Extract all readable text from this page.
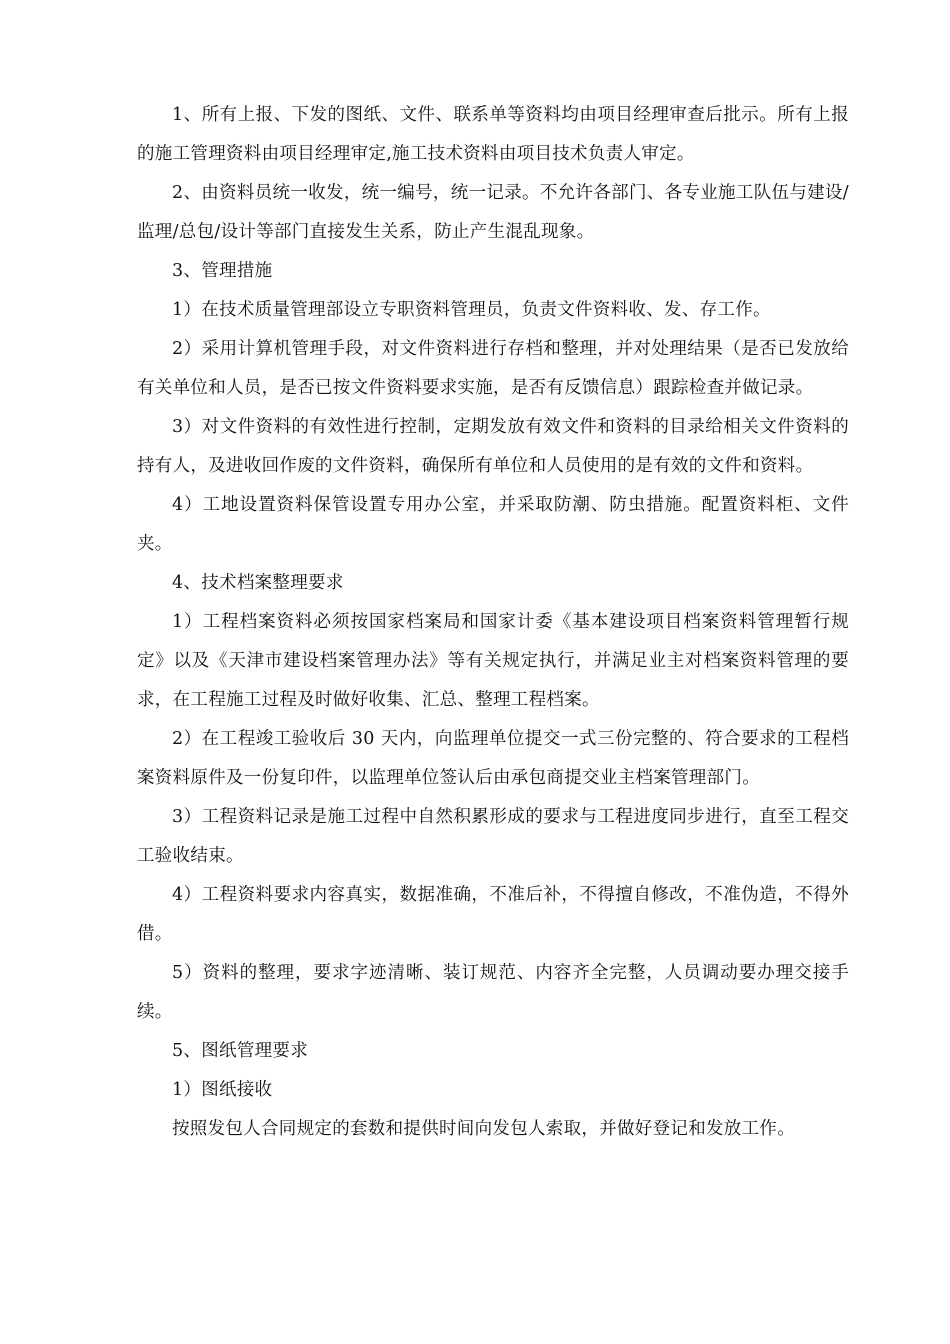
1、所有上报、下发的图纸、文件、联系单等资料均由项目经理审查后批示。所有上报的施工管理资料由项目经理审定,施工技术资料由项目技术负责人审定。

2、由资料员统一收发，统一编号，统一记录。不允许各部门、各专业施工队伍与建设/监理/总包/设计等部门直接发生关系，防止产生混乱现象。

3、管理措施

1）在技术质量管理部设立专职资料管理员，负责文件资料收、发、存工作。

2）采用计算机管理手段，对文件资料进行存档和整理，并对处理结果（是否已发放给有关单位和人员，是否已按文件资料要求实施，是否有反馈信息）跟踪检查并做记录。

3）对文件资料的有效性进行控制，定期发放有效文件和资料的目录给相关文件资料的持有人，及进收回作废的文件资料，确保所有单位和人员使用的是有效的文件和资料。

4）工地设置资料保管设置专用办公室，并采取防潮、防虫措施。配置资料柜、文件夹。

4、技术档案整理要求

1）工程档案资料必须按国家档案局和国家计委《基本建设项目档案资料管理暂行规定》以及《天津市建设档案管理办法》等有关规定执行，并满足业主对档案资料管理的要求，在工程施工过程及时做好收集、汇总、整理工程档案。

2）在工程竣工验收后 30 天内，向监理单位提交一式三份完整的、符合要求的工程档案资料原件及一份复印件，以监理单位签认后由承包商提交业主档案管理部门。

3）工程资料记录是施工过程中自然积累形成的要求与工程进度同步进行，直至工程交工验收结束。

4）工程资料要求内容真实，数据准确，不准后补，不得擅自修改，不准伪造，不得外借。

5）资料的整理，要求字迹清晰、装订规范、内容齐全完整，人员调动要办理交接手续。

5、图纸管理要求

1）图纸接收

按照发包人合同规定的套数和提供时间向发包人索取，并做好登记和发放工作。
